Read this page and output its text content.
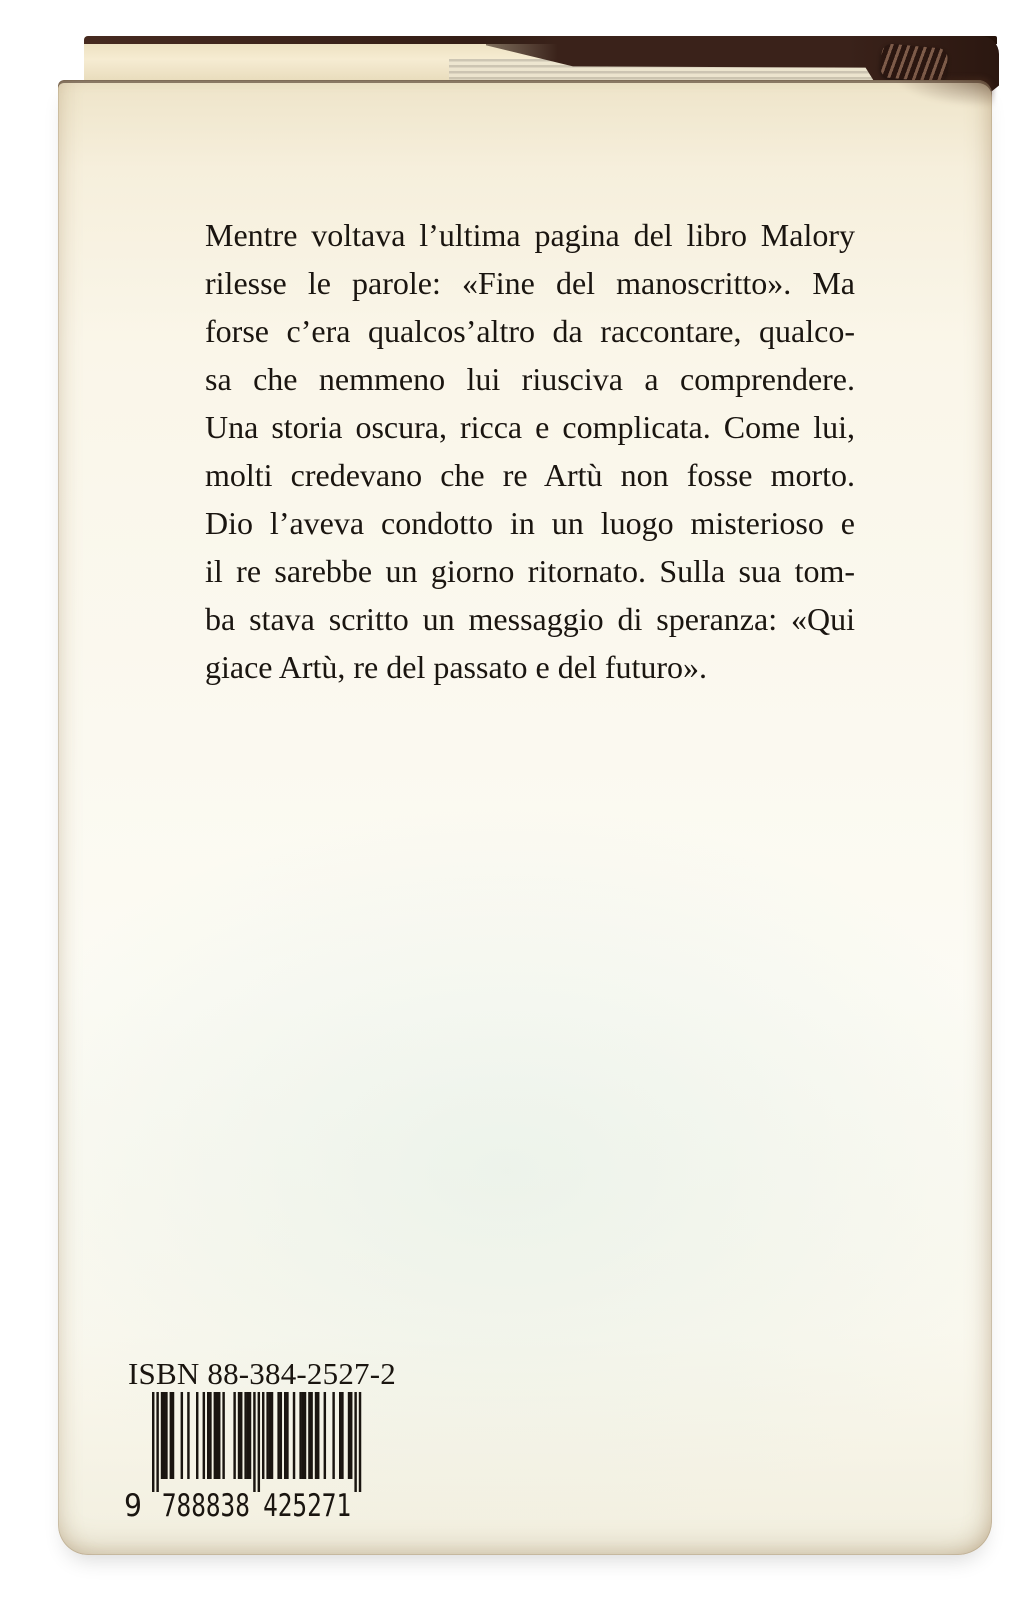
Mentre voltava l’ultima pagina del libro Malory
rilesse le parole: «Fine del manoscritto». Ma
forse c’era qualcos’altro da raccontare, qualco-
sa che nemmeno lui riusciva a comprendere.
Una storia oscura, ricca e complicata. Come lui,
molti credevano che re Artù non fosse morto.
Dio l’aveva condotto in un luogo misterioso e
il re sarebbe un giorno ritornato. Sulla sua tom-
ba stava scritto un messaggio di speranza: «Qui
giace Artù, re del passato e del futuro».
ISBN 88-384-2527-2
9 788838 425271
